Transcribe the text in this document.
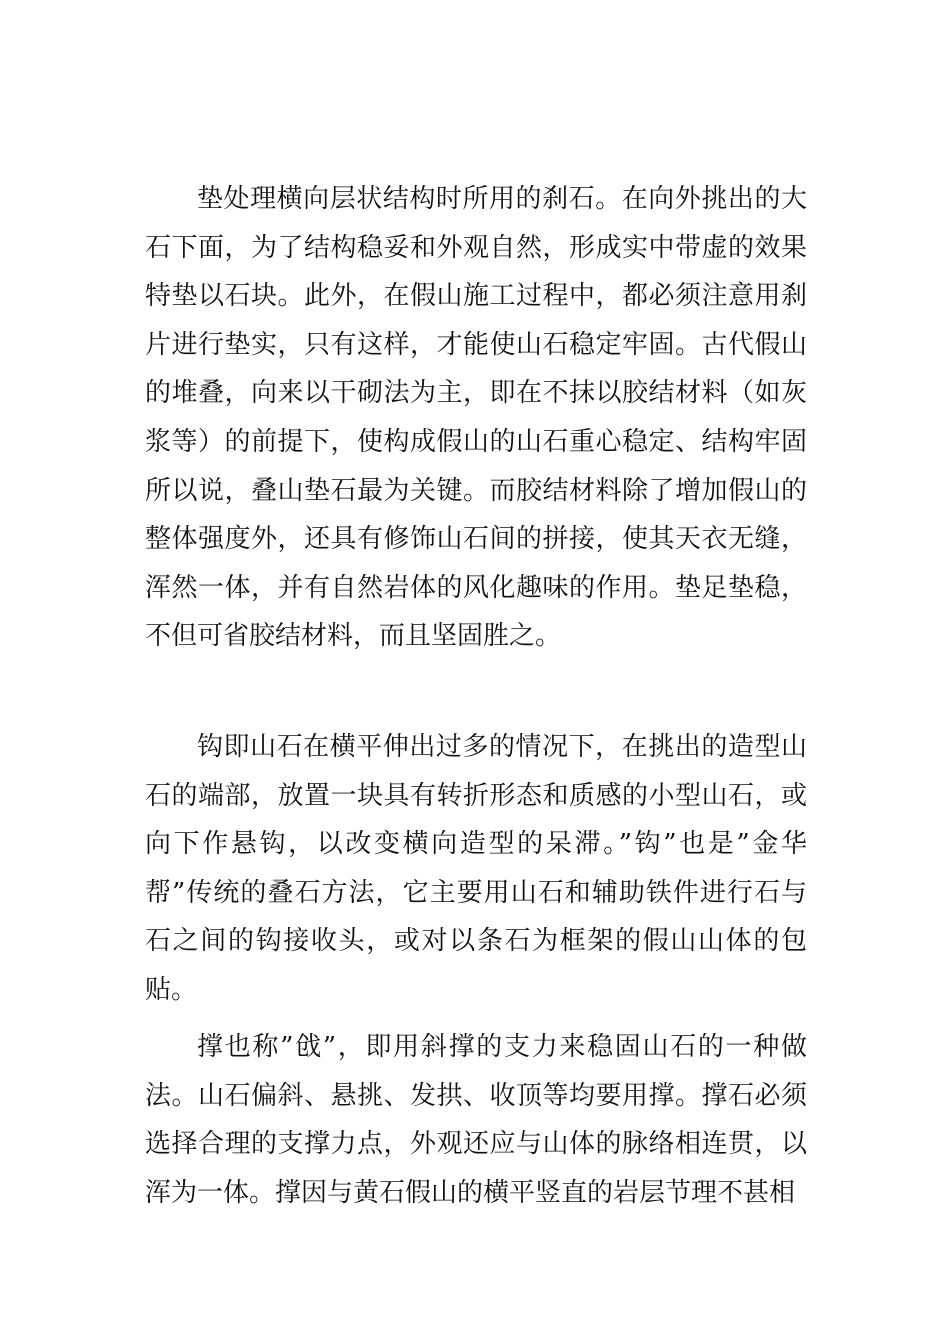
垫处理横向层状结构时所用的刹石。在向外挑出的大石下面，为了结构稳妥和外观自然，形成实中带虚的效果特垫以石块。此外，在假山施工过程中，都必须注意用刹片进行垫实，只有这样，才能使山石稳定牢固。古代假山的堆叠，向来以干砌法为主，即在不抹以胶结材料（如灰浆等）的前提下，使构成假山的山石重心稳定、结构牢固所以说，叠山垫石最为关键。而胶结材料除了增加假山的整体强度外，还具有修饰山石间的拼接，使其天衣无缝，浑然一体，并有自然岩体的风化趣味的作用。垫足垫稳，不但可省胶结材料，而且坚固胜之。

钩即山石在横平伸出过多的情况下，在挑出的造型山石的端部，放置一块具有转折形态和质感的小型山石，或向下作悬钩，以改变横向造型的呆滞。”钩”也是”金华帮”传统的叠石方法，它主要用山石和辅助铁件进行石与石之间的钩接收头，或对以条石为框架的假山山体的包贴。

撑也称”戗”，即用斜撑的支力来稳固山石的一种做法。山石偏斜、悬挑、发拱、收顶等均要用撑。撑石必须选择合理的支撑力点，外观还应与山体的脉络相连贯，以浑为一体。撑因与黄石假山的横平竖直的岩层节理不甚相
